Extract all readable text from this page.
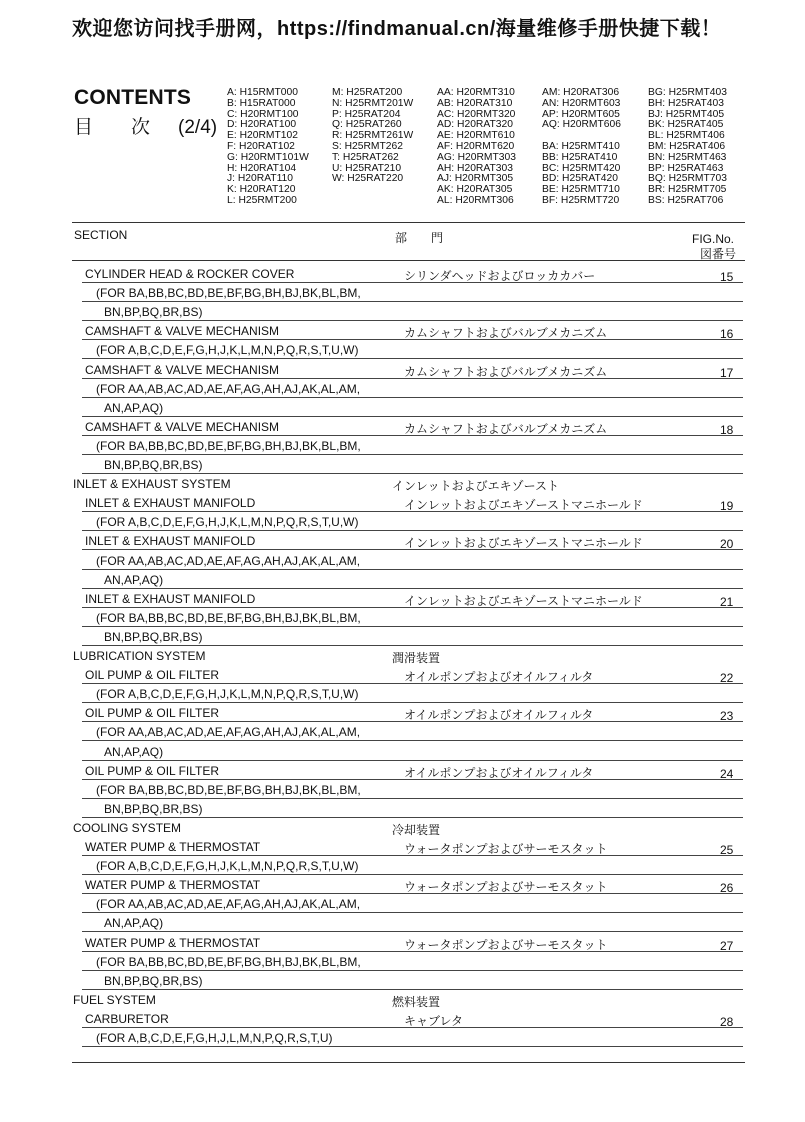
欢迎您访问找手册网，https://findmanual.cn/海量维修手册快捷下载！
CONTENTS
目　　次 (2/4)
A: H15RMT000
B: H15RAT000
C: H20RMT100
D: H20RAT100
E: H20RMT102
F: H20RAT102
G: H20RMT101W
H: H20RAT104
J: H20RAT110
K: H20RAT120
L: H25RMT200
M: H25RAT200
N: H25RMT201W
P: H25RAT204
Q: H25RAT260
R: H25RMT261W
S: H25RMT262
T: H25RAT262
U: H25RAT210
W: H25RAT220
AA: H20RMT310
AB: H20RAT310
AC: H20RMT320
AD: H20RAT320
AE: H20RMT610
AF: H20RMT620
AG: H20RMT303
AH: H20RAT303
AJ: H20RMT305
AK: H20RAT305
AL: H20RMT306
AM: H20RAT306
AN: H20RMT603
AP: H20RMT605
AQ: H20RMT606
BA: H25RMT410
BB: H25RAT410
BC: H25RMT420
BD: H25RAT420
BE: H25RMT710
BF: H25RMT720
BG: H25RMT403
BH: H25RAT403
BJ: H25RMT405
BK: H25RAT405
BL: H25RMT406
BM: H25RAT406
BN: H25RMT463
BP: H25RAT463
BQ: H25RMT703
BR: H25RMT705
BS: H25RAT706
SECTION	部　　門	FIG.No.
図番号
CYLINDER HEAD & ROCKER COVER	シリンダヘッドおよびロッカカバー	15
(FOR BA,BB,BC,BD,BE,BF,BG,BH,BJ,BK,BL,BM,
BN,BP,BQ,BR,BS)
CAMSHAFT & VALVE MECHANISM	カムシャフトおよびバルブメカニズム	16
(FOR A,B,C,D,E,F,G,H,J,K,L,M,N,P,Q,R,S,T,U,W)
CAMSHAFT & VALVE MECHANISM	カムシャフトおよびバルブメカニズム	17
(FOR AA,AB,AC,AD,AE,AF,AG,AH,AJ,AK,AL,AM,
AN,AP,AQ)
CAMSHAFT & VALVE MECHANISM	カムシャフトおよびバルブメカニズム	18
(FOR BA,BB,BC,BD,BE,BF,BG,BH,BJ,BK,BL,BM,
BN,BP,BQ,BR,BS)
INLET & EXHAUST SYSTEM	インレットおよびエキゾースト
INLET & EXHAUST MANIFOLD	インレットおよびエキゾーストマニホールド	19
(FOR A,B,C,D,E,F,G,H,J,K,L,M,N,P,Q,R,S,T,U,W)
INLET & EXHAUST MANIFOLD	インレットおよびエキゾーストマニホールド	20
(FOR AA,AB,AC,AD,AE,AF,AG,AH,AJ,AK,AL,AM,
AN,AP,AQ)
INLET & EXHAUST MANIFOLD	インレットおよびエキゾーストマニホールド	21
(FOR BA,BB,BC,BD,BE,BF,BG,BH,BJ,BK,BL,BM,
BN,BP,BQ,BR,BS)
LUBRICATION SYSTEM	潤滑装置
OIL PUMP & OIL FILTER	オイルポンプおよびオイルフィルタ	22
(FOR A,B,C,D,E,F,G,H,J,K,L,M,N,P,Q,R,S,T,U,W)
OIL PUMP & OIL FILTER	オイルポンプおよびオイルフィルタ	23
(FOR AA,AB,AC,AD,AE,AF,AG,AH,AJ,AK,AL,AM,
AN,AP,AQ)
OIL PUMP & OIL FILTER	オイルポンプおよびオイルフィルタ	24
(FOR BA,BB,BC,BD,BE,BF,BG,BH,BJ,BK,BL,BM,
BN,BP,BQ,BR,BS)
COOLING SYSTEM	冷却装置
WATER PUMP & THERMOSTAT	ウォータポンプおよびサーモスタット	25
(FOR A,B,C,D,E,F,G,H,J,K,L,M,N,P,Q,R,S,T,U,W)
WATER PUMP & THERMOSTAT	ウォータポンプおよびサーモスタット	26
(FOR AA,AB,AC,AD,AE,AF,AG,AH,AJ,AK,AL,AM,
AN,AP,AQ)
WATER PUMP & THERMOSTAT	ウォータポンプおよびサーモスタット	27
(FOR BA,BB,BC,BD,BE,BF,BG,BH,BJ,BK,BL,BM,
BN,BP,BQ,BR,BS)
FUEL SYSTEM	燃料装置
CARBURETOR	キャブレタ	28
(FOR A,B,C,D,E,F,G,H,J,L,M,N,P,Q,R,S,T,U)
